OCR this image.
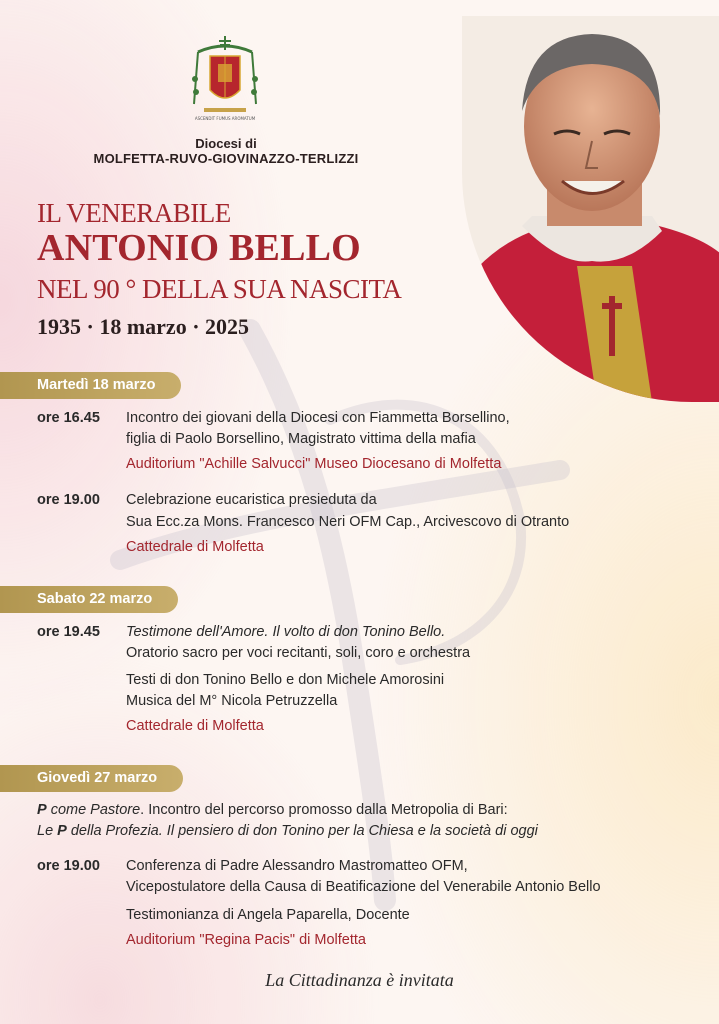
ASCENDIT FUMUS AROMATUM
Diocesi di
MOLFETTA-RUVO-GIOVINAZZO-TERLIZZI
IL VENERABILE
ANTONIO BELLO
NEL 90 ° DELLA SUA NASCITA
1935 · 18 marzo · 2025
Martedì 18 marzo
ore 16.45 Incontro dei giovani della Diocesi con Fiammetta Borsellino,
figlia di Paolo Borsellino, Magistrato vittima della mafia
Auditorium "Achille Salvucci" Museo Diocesano di Molfetta
ore 19.00 Celebrazione eucaristica presieduta da
Sua Ecc.za Mons. Francesco Neri OFM Cap., Arcivescovo di Otranto
Cattedrale di Molfetta
Sabato 22 marzo
ore 19.45 Testimone dell'Amore. Il volto di don Tonino Bello.
Oratorio sacro per voci recitanti, soli, coro e orchestra
Testi di don Tonino Bello e don Michele Amorosini
Musica del M° Nicola Petruzzella
Cattedrale di Molfetta
Giovedì 27 marzo
P come Pastore. Incontro del percorso promosso dalla Metropolia di Bari:
Le P della Profezia. Il pensiero di don Tonino per la Chiesa e la società di oggi
ore 19.00 Conferenza di Padre Alessandro Mastromatteo OFM,
Vicepostulatore della Causa di Beatificazione del Venerabile Antonio Bello
Testimonianza di Angela Paparella, Docente
Auditorium "Regina Pacis" di Molfetta
La Cittadinanza è invitata
